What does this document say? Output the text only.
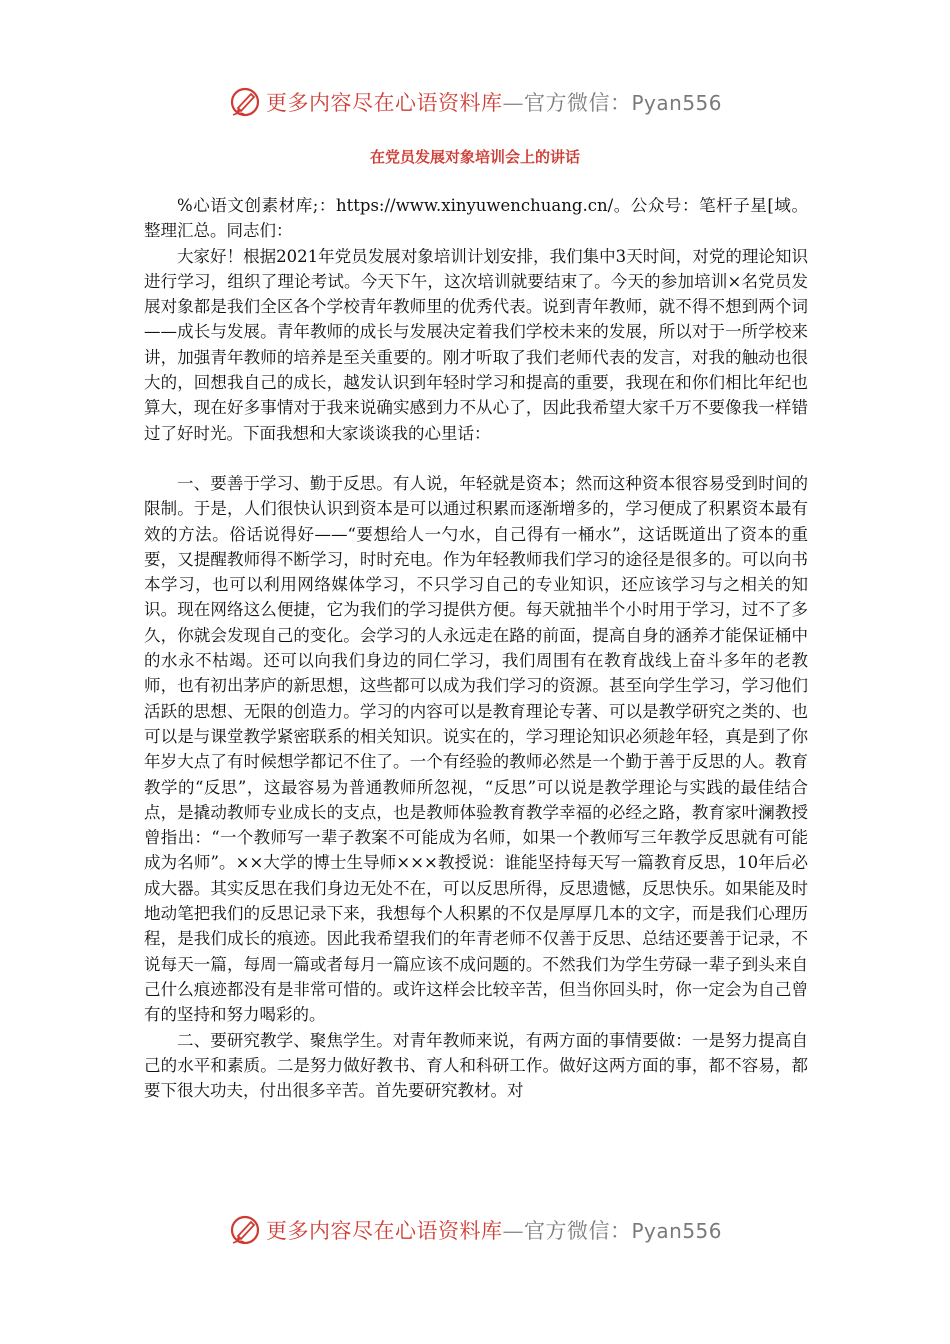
更多内容尽在心语资料库—官方微信：Pyan556
在党员发展对象培训会上的讲话

%心语文创素材库;：https://www.xinyuwenchuang.cn/。公众号：笔杆子星[域。整理汇总。同志们：

大家好！根据2021年党员发展对象培训计划安排，我们集中3天时间，对党的理论知识进行学习，组织了理论考试。今天下午，这次培训就要结束了。今天的参加培训×名党员发展对象都是我们全区各个学校青年教师里的优秀代表。说到青年教师，就不得不想到两个词——成长与发展。青年教师的成长与发展决定着我们学校未来的发展，所以对于一所学校来讲，加强青年教师的培养是至关重要的。刚才听取了我们老师代表的发言，对我的触动也很大的，回想我自己的成长，越发认识到年轻时学习和提高的重要，我现在和你们相比年纪也算大，现在好多事情对于我来说确实感到力不从心了，因此我希望大家千万不要像我一样错过了好时光。下面我想和大家谈谈我的心里话：

一、要善于学习、勤于反思。有人说，年轻就是资本；然而这种资本很容易受到时间的限制。于是，人们很快认识到资本是可以通过积累而逐渐增多的，学习便成了积累资本最有效的方法。俗话说得好——“要想给人一勺水，自己得有一桶水”，这话既道出了资本的重要，又提醒教师得不断学习，时时充电。作为年轻教师我们学习的途径是很多的。可以向书本学习，也可以利用网络媒体学习，不只学习自己的专业知识，还应该学习与之相关的知识。现在网络这么便捷，它为我们的学习提供方便。每天就抽半个小时用于学习，过不了多久，你就会发现自己的变化。会学习的人永远走在路的前面，提高自身的涵养才能保证桶中的水永不枯竭。还可以向我们身边的同仁学习，我们周围有在教育战线上奋斗多年的老教师，也有初出茅庐的新思想，这些都可以成为我们学习的资源。甚至向学生学习，学习他们活跃的思想、无限的创造力。学习的内容可以是教育理论专著、可以是教学研究之类的、也可以是与课堂教学紧密联系的相关知识。说实在的，学习理论知识必须趁年轻，真是到了你年岁大点了有时候想学都记不住了。一个有经验的教师必然是一个勤于善于反思的人。教育教学的“反思”，这最容易为普通教师所忽视，“反思”可以说是教学理论与实践的最佳结合点，是撬动教师专业成长的支点，也是教师体验教育教学幸福的必经之路，教育家叶澜教授曾指出：“一个教师写一辈子教案不可能成为名师，如果一个教师写三年教学反思就有可能成为名师”。××大学的博士生导师×××教授说：谁能坚持每天写一篇教育反思，10年后必成大器。其实反思在我们身边无处不在，可以反思所得，反思遗憾，反思快乐。如果能及时地动笔把我们的反思记录下来，我想每个人积累的不仅是厚厚几本的文字，而是我们心理历程，是我们成长的痕迹。因此我希望我们的年青老师不仅善于反思、总结还要善于记录，不说每天一篇，每周一篇或者每月一篇应该不成问题的。不然我们为学生劳碌一辈子到头来自己什么痕迹都没有是非常可惜的。或许这样会比较辛苦，但当你回头时，你一定会为自己曾有的坚持和努力喝彩的。

二、要研究教学、聚焦学生。对青年教师来说，有两方面的事情要做：一是努力提高自己的水平和素质。二是努力做好教书、育人和科研工作。做好这两方面的事，都不容易，都要下很大功夫，付出很多辛苦。首先要研究教材。对

更多内容尽在心语资料库—官方微信：Pyan556
